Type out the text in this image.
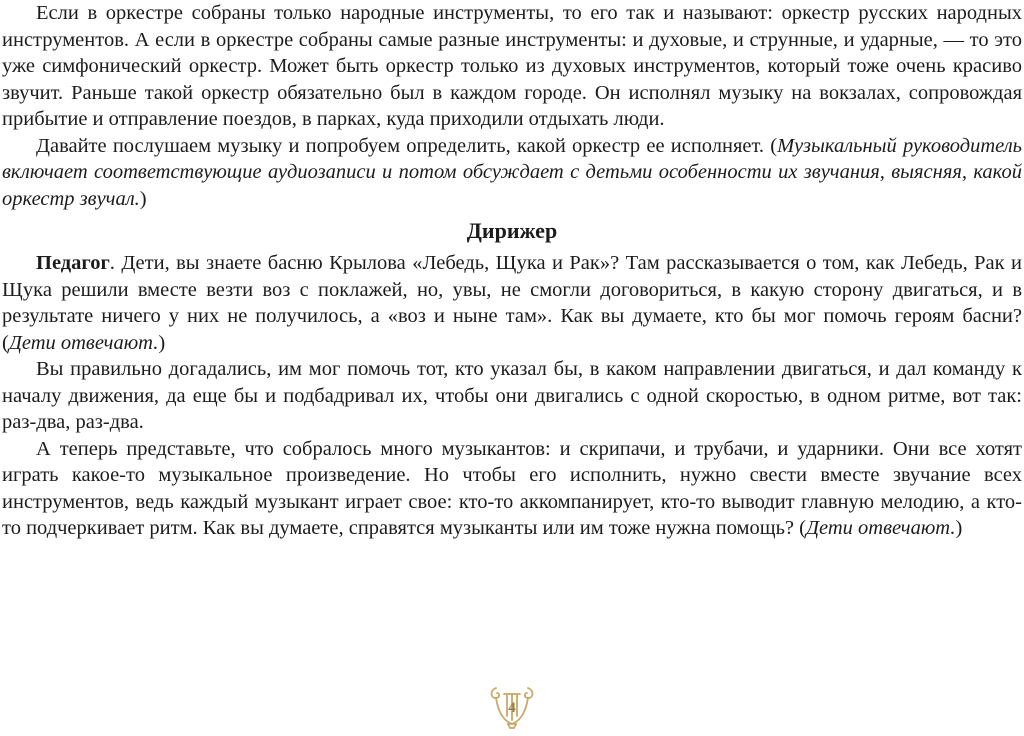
Если в оркестре собраны только народные инструменты, то его так и называют: оркестр русских народных инструментов. А если в оркестре собраны самые разные инструменты: и духовые, и струнные, и ударные, — то это уже симфонический оркестр. Может быть оркестр только из духовых инструментов, который тоже очень красиво звучит. Раньше такой оркестр обязательно был в каждом городе. Он исполнял музыку на вокзалах, сопровождая прибытие и отправление поездов, в парках, куда приходили отдыхать люди.

Давайте послушаем музыку и попробуем определить, какой оркестр ее исполняет. (Музыкальный руководитель включает соответствующие аудиозаписи и потом обсуждает с детьми особенности их звучания, выясняя, какой оркестр звучал.)

Дирижер

Педагог. Дети, вы знаете басню Крылова «Лебедь, Щука и Рак»? Там рассказывается о том, как Лебедь, Рак и Щука решили вместе везти воз с поклажей, но, увы, не смогли договориться, в какую сторону двигаться, и в результате ничего у них не получилось, а «воз и ныне там». Как вы думаете, кто бы мог помочь героям басни? (Дети отвечают.)

Вы правильно догадались, им мог помочь тот, кто указал бы, в каком направлении двигаться, и дал команду к началу движения, да еще бы и подбадривал их, чтобы они двигались с одной скоростью, в одном ритме, вот так: раз-два, раз-два.

А теперь представьте, что собралось много музыкантов: и скрипачи, и трубачи, и ударники. Они все хотят играть какое-то музыкальное произведение. Но чтобы его исполнить, нужно свести вместе звучание всех инструментов, ведь каждый музыкант играет свое: кто-то аккомпанирует, кто-то выводит главную мелодию, а кто-то подчеркивает ритм. Как вы думаете, справятся музыканты или им тоже нужна помощь? (Дети отвечают.)

4
